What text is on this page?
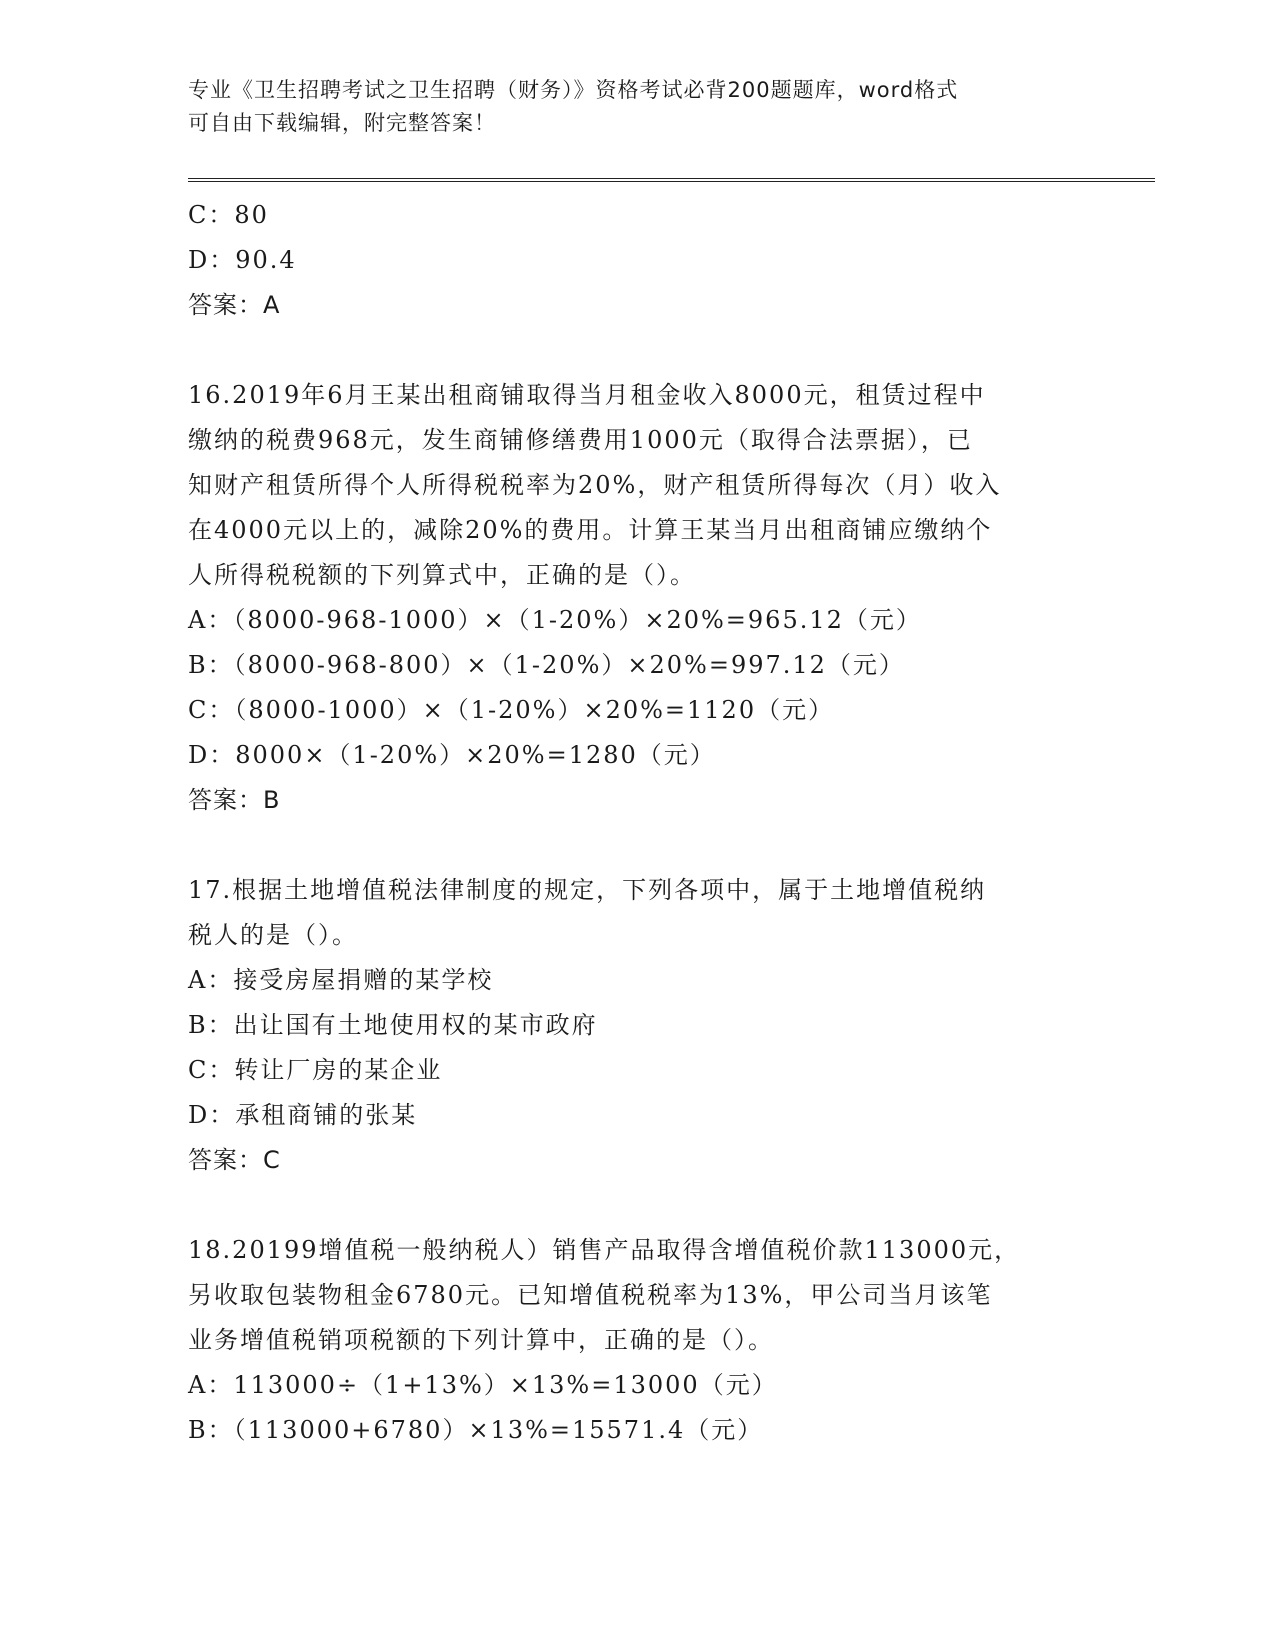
专业《卫生招聘考试之卫生招聘（财务）》资格考试必背200题题库，word格式
可自由下载编辑，附完整答案！
C：80
D：90.4
答案：A
16.2019年6月王某出租商铺取得当月租金收入8000元，租赁过程中
缴纳的税费968元，发生商铺修缮费用1000元（取得合法票据），已
知财产租赁所得个人所得税税率为20%，财产租赁所得每次（月）收入
在4000元以上的，减除20%的费用。计算王某当月出租商铺应缴纳个
人所得税税额的下列算式中，正确的是（）。
A：（8000-968-1000）×（1-20%）×20%=965.12（元）
B：（8000-968-800）×（1-20%）×20%=997.12（元）
C：（8000-1000）×（1-20%）×20%=1120（元）
D：8000×（1-20%）×20%=1280（元）
答案：B
17.根据土地增值税法律制度的规定，下列各项中，属于土地增值税纳
税人的是（）。
A：接受房屋捐赠的某学校
B：出让国有土地使用权的某市政府
C：转让厂房的某企业
D：承租商铺的张某
答案：C
18.20199增值税一般纳税人）销售产品取得含增值税价款113000元，
另收取包装物租金6780元。已知增值税税率为13%，甲公司当月该笔
业务增值税销项税额的下列计算中，正确的是（）。
A：113000÷（1+13%）×13%=13000（元）
B：（113000+6780）×13%=15571.4（元）
